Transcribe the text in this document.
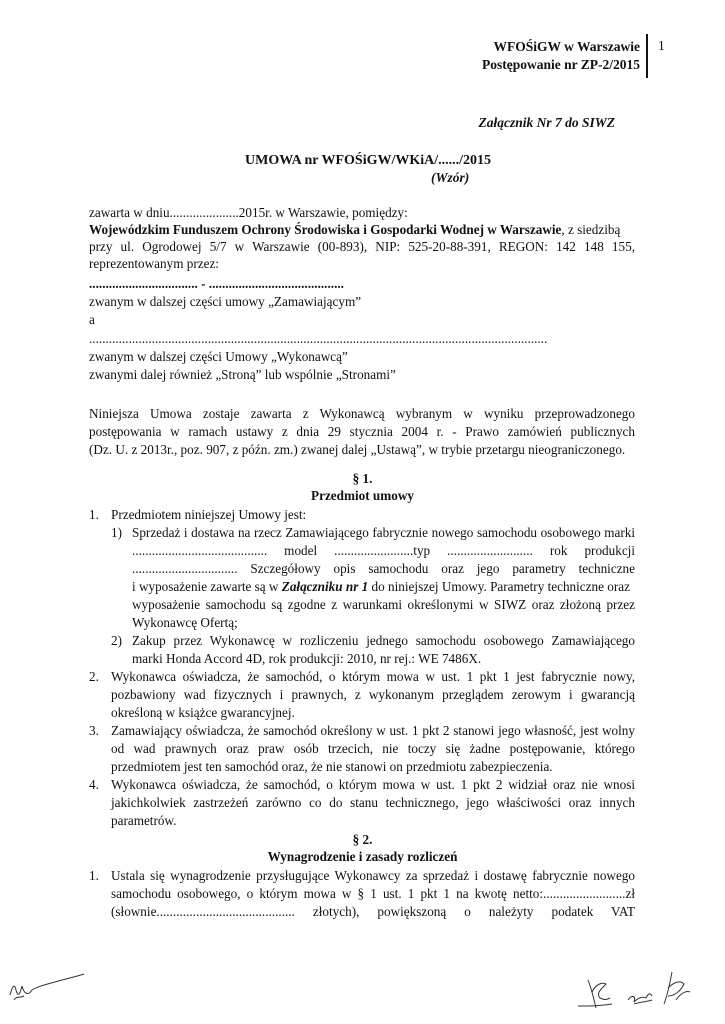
WFOŚiGW w Warszawie
Postępowanie nr ZP-2/2015
1
Załącznik Nr 7 do SIWZ
UMOWA nr WFOŚiGW/WKiA/....../2015
(Wzór)
zawarta w dniu.....................2015r. w Warszawie, pomiędzy:
Wojewódzkim Funduszem Ochrony Środowiska i Gospodarki Wodnej w Warszawie, z siedzibą
przy ul. Ogrodowej 5/7 w Warszawie (00-893), NIP: 525-20-88-391, REGON: 142 148 155,
reprezentowanym przez:
................................. - .........................................
zwanym w dalszej części umowy „Zamawiającym”
a
...........................................................................................................................................
zwanym w dalszej części Umowy „Wykonawcą”
zwanymi dalej również „Stroną” lub wspólnie „Stronami”
Niniejsza Umowa zostaje zawarta z Wykonawcą wybranym w wyniku przeprowadzonego
postępowania w ramach ustawy z dnia 29 stycznia 2004 r. - Prawo zamówień publicznych
(Dz. U. z 2013r., poz. 907, z późn. zm.) zwanej dalej „Ustawą”, w trybie przetargu nieograniczonego.
§ 1.
Przedmiot umowy
1. Przedmiotem niniejszej Umowy jest:
1) Sprzedaż i dostawa na rzecz Zamawiającego fabrycznie nowego samochodu osobowego marki
......................................... model ........................typ .......................... rok produkcji
................................ Szczegółowy opis samochodu oraz jego parametry techniczne
i wyposażenie zawarte są w Załączniku nr 1 do niniejszej Umowy. Parametry techniczne oraz
wyposażenie samochodu są zgodne z warunkami określonymi w SIWZ oraz złożoną przez
Wykonawcę Ofertą;
2) Zakup przez Wykonawcę w rozliczeniu jednego samochodu osobowego Zamawiającego
marki Honda Accord 4D, rok produkcji: 2010, nr rej.: WE 7486X.
2. Wykonawca oświadcza, że samochód, o którym mowa w ust. 1 pkt 1 jest fabrycznie nowy,
pozbawiony wad fizycznych i prawnych, z wykonanym przeglądem zerowym i gwarancją
określoną w książce gwarancyjnej.
3. Zamawiający oświadcza, że samochód określony w ust. 1 pkt 2 stanowi jego własność, jest wolny
od wad prawnych oraz praw osób trzecich, nie toczy się żadne postępowanie, którego
przedmiotem jest ten samochód oraz, że nie stanowi on przedmiotu zabezpieczenia.
4. Wykonawca oświadcza, że samochód, o którym mowa w ust. 1 pkt 2 widział oraz nie wnosi
jakichkolwiek zastrzeżeń zarówno co do stanu technicznego, jego właściwości oraz innych
parametrów.
§ 2.
Wynagrodzenie i zasady rozliczeń
1. Ustala się wynagrodzenie przysługujące Wykonawcy za sprzedaż i dostawę fabrycznie nowego
samochodu osobowego, o którym mowa w § 1 ust. 1 pkt 1 na kwotę netto:.........................zł
(słownie.......................................... złotych), powiększoną o należyty podatek VAT
